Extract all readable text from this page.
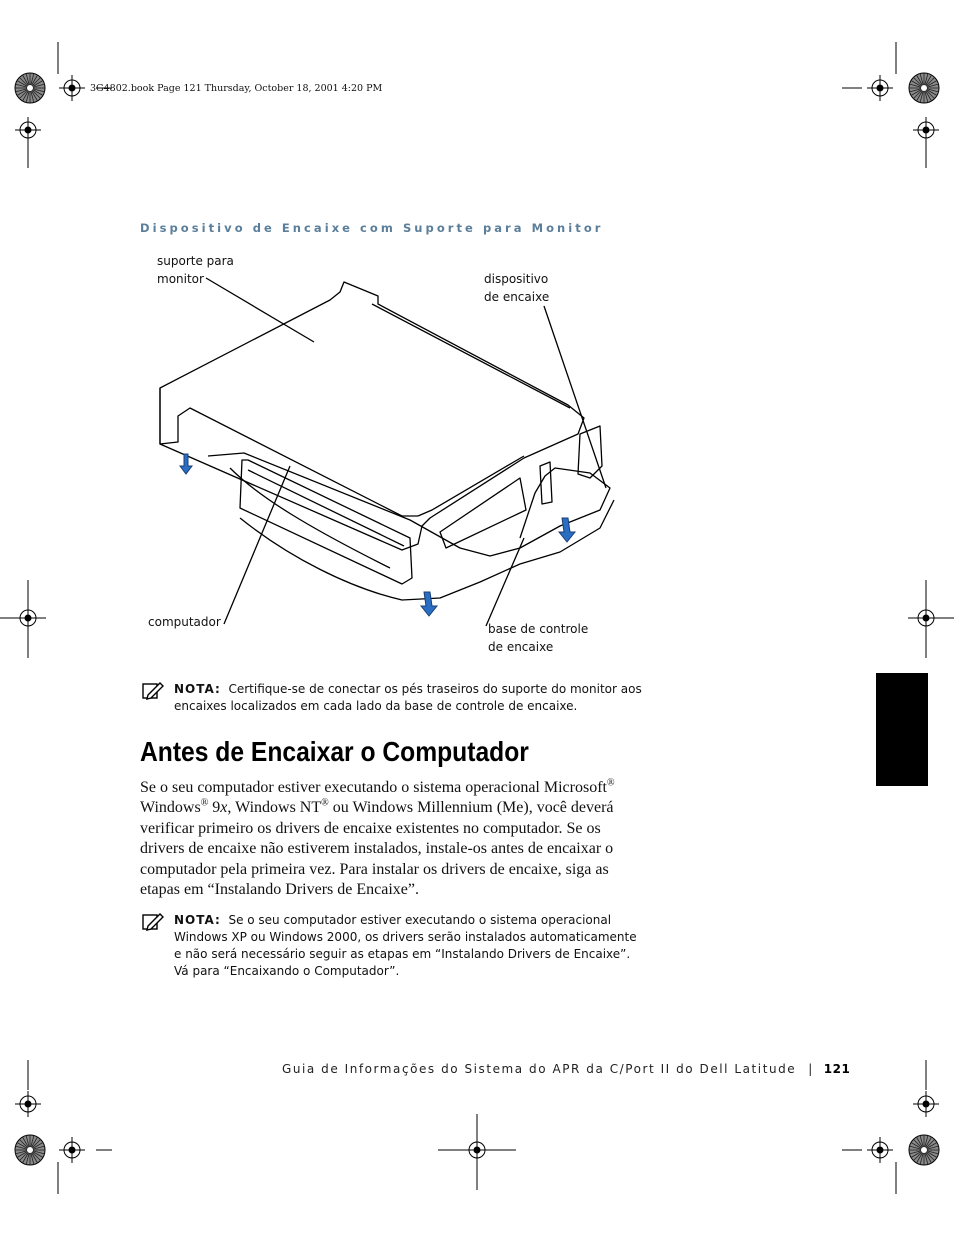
3G4802.book Page 121 Thursday, October 18, 2001 4:20 PM
Dispositivo de Encaixe com Suporte para Monitor
suporte para
monitor	dispositivo
de encaixe
computador	base de controle
de encaixe
NOTA: Certifique-se de conectar os pés traseiros do suporte do monitor aos
encaixes localizados em cada lado da base de controle de encaixe.
Antes de Encaixar o Computador
Se o seu computador estiver executando o sistema operacional Microsoft®
Windows® 9x, Windows NT® ou Windows Millennium (Me), você deverá
verificar primeiro os drivers de encaixe existentes no computador. Se os
drivers de encaixe não estiverem instalados, instale-os antes de encaixar o
computador pela primeira vez. Para instalar os drivers de encaixe, siga as
etapas em “Instalando Drivers de Encaixe”.
NOTA: Se o seu computador estiver executando o sistema operacional
Windows XP ou Windows 2000, os drivers serão instalados automaticamente
e não será necessário seguir as etapas em “Instalando Drivers de Encaixe”.
Vá para “Encaixando o Computador”.
Guia de Informações do Sistema do APR da C/Port II do Dell Latitude | 121
